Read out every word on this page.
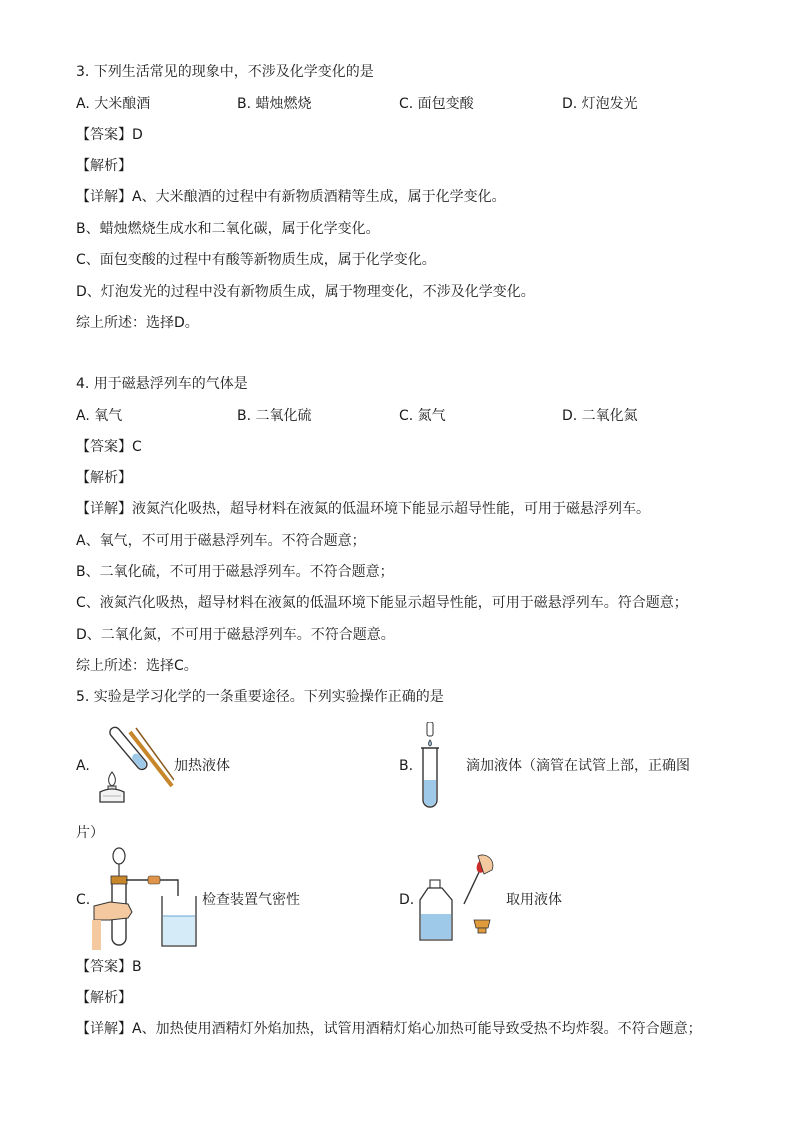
3. 下列生活常见的现象中，不涉及化学变化的是
A. 大米酿酒	B. 蜡烛燃烧	C. 面包变酸	D. 灯泡发光
【答案】D
【解析】
【详解】A、大米酿酒的过程中有新物质酒精等生成，属于化学变化。
B、蜡烛燃烧生成水和二氧化碳，属于化学变化。
C、面包变酸的过程中有酸等新物质生成，属于化学变化。
D、灯泡发光的过程中没有新物质生成，属于物理变化，不涉及化学变化。
综上所述：选择D。
4. 用于磁悬浮列车的气体是
A. 氧气	B. 二氧化硫	C. 氮气	D. 二氧化氮
【答案】C
【解析】
【详解】液氮汽化吸热，超导材料在液氮的低温环境下能显示超导性能，可用于磁悬浮列车。
A、氧气，不可用于磁悬浮列车。不符合题意；
B、二氧化硫，不可用于磁悬浮列车。不符合题意；
C、液氮汽化吸热，超导材料在液氮的低温环境下能显示超导性能，可用于磁悬浮列车。符合题意；
D、二氧化氮，不可用于磁悬浮列车。不符合题意。
综上所述：选择C。
5. 实验是学习化学的一条重要途径。下列实验操作正确的是
A.	加热液体	B.	滴加液体（滴管在试管上部，正确图
片）
C.	检查装置气密性	D.	取用液体
【答案】B
【解析】
【详解】A、加热使用酒精灯外焰加热，试管用酒精灯焰心加热可能导致受热不均炸裂。不符合题意；
